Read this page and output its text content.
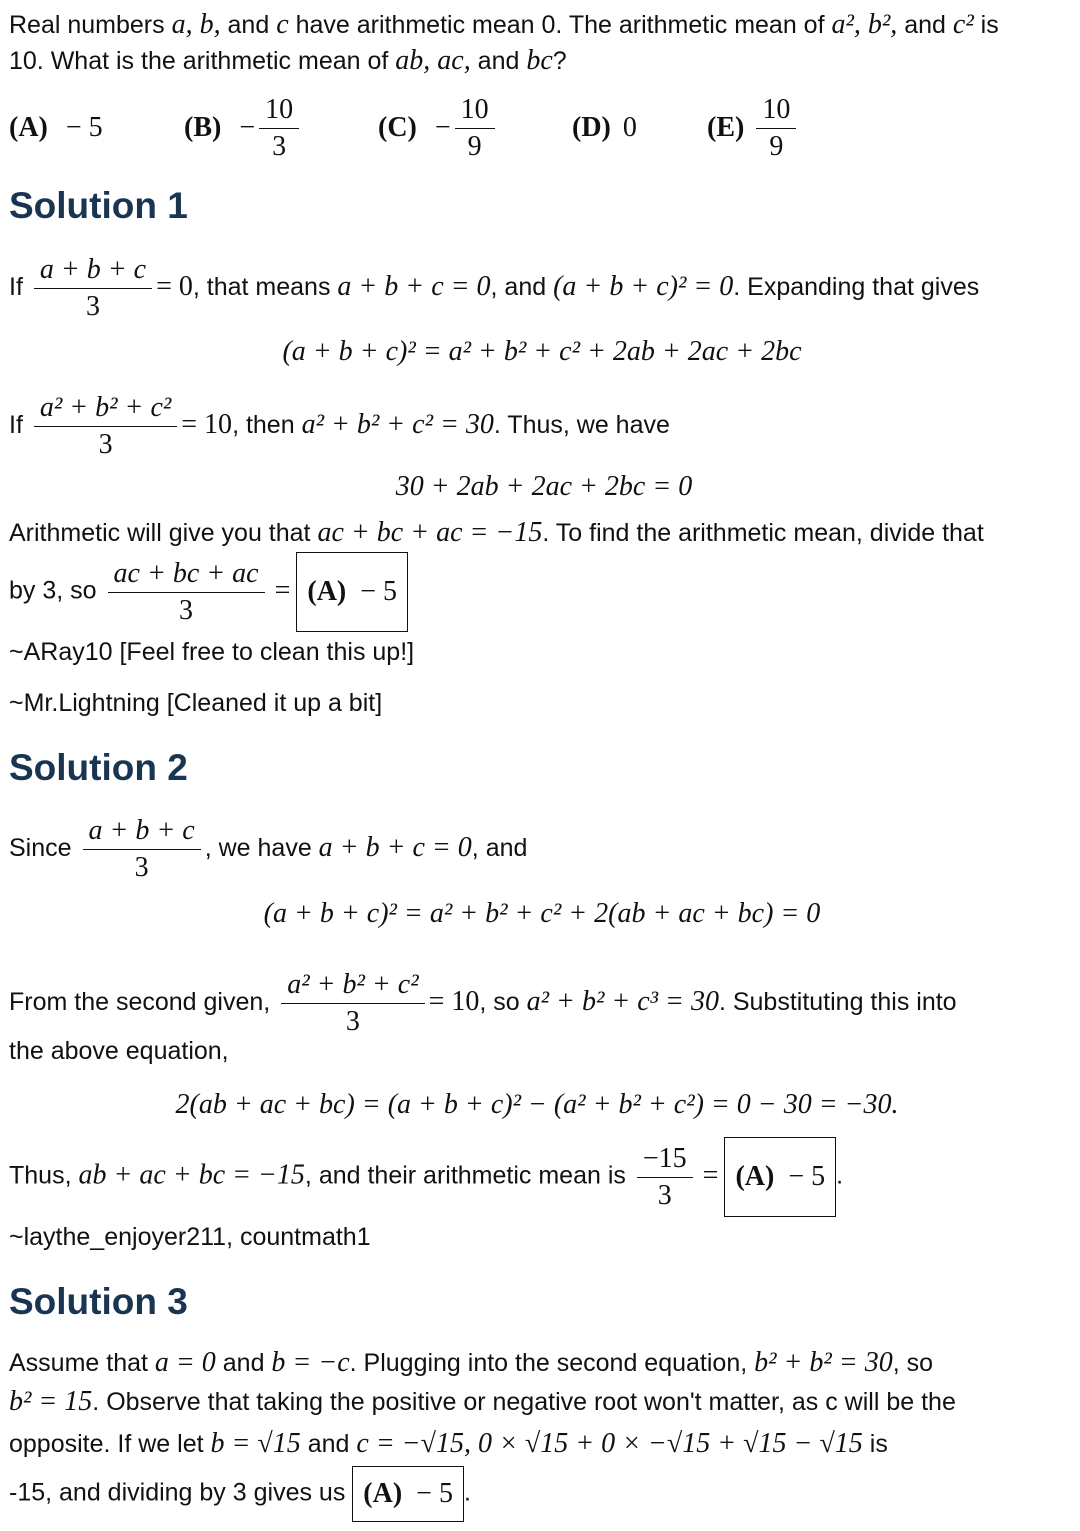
Real numbers a, b, and c have arithmetic mean 0. The arithmetic mean of a², b², and c² is
10. What is the arithmetic mean of ab, ac, and bc?
(A) − 5	$(B) - \frac{10}{3}$	$(C) - \frac{10}{9}$	(D) 0	$(E) \frac{10}{9}$
Solution 1
If $\frac{a + b + c}{3} = 0$, that means a + b + c = 0, and (a + b + c)² = 0. Expanding that gives
(a + b + c)² = a² + b² + c² + 2ab + 2ac + 2bc
If $\frac{\text{a² + b² + c²}}{3} = 10$, then a² + b² + c² = 30. Thus, we have
30 + 2ab + 2ac + 2bc = 0
Arithmetic will give you that ac + bc + ac = −15. To find the arithmetic mean, divide that
by 3, so $\frac{ac + bc + ac}{3} = (A) - 5$
~ARay10 [Feel free to clean this up!]
~Mr.Lightning [Cleaned it up a bit]
Solution 2
Since $\frac{a + b + c}{3}$ , we have a + b + c = 0, and
(a + b + c)² = a² + b² + c² + 2(ab + ac + bc) = 0
From the second given, $\frac{\text{a² + b² + c²}}{3} = 10$, so a² + b² + c³ = 30. Substituting this into
the above equation,
2(ab + ac + bc) = (a + b + c)² − (a² + b² + c²) = 0 − 30 = −30.
Thus, ab + ac + bc = −15, and their arithmetic mean is $\frac{-15}{3} = (A) - 5$ .
~laythe_enjoyer211, countmath1
Solution 3
Assume that a = 0 and b = −c. Plugging into the second equation, b² + b² = 30, so
b² = 15. Observe that taking the positive or negative root won't matter, as c will be the
opposite. If we let b = √15 and c = −√15, 0 × √15 + 0 × −√15 + √15 − √15 is
-15, and dividing by 3 gives us (A) − 5 .
